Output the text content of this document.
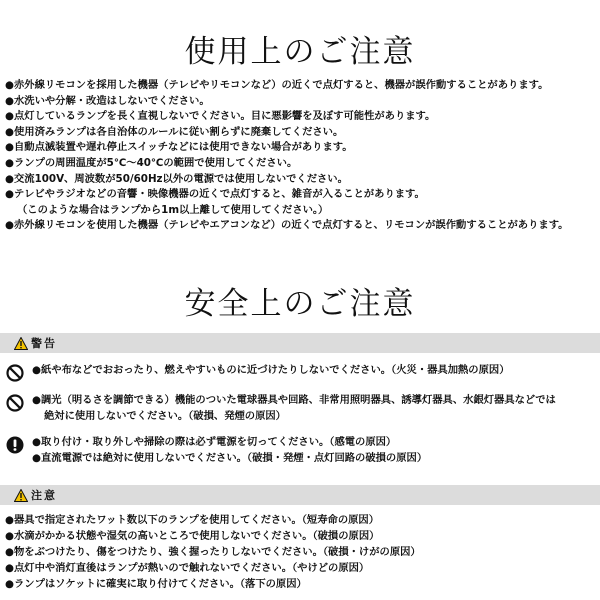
使用上のご注意
●赤外線リモコンを採用した機器（テレビやリモコンなど）の近くで点灯すると、機器が誤作動することがあります。
●水洗いや分解・改造はしないでください。
●点灯しているランプを長く直視しないでください。目に悪影響を及ぼす可能性があります。
●使用済みランプは各自治体のルールに従い割らずに廃棄してください。
●自動点滅装置や遅れ停止スイッチなどには使用できない場合があります。
●ランプの周囲温度が5℃～40℃の範囲で使用してください。
●交流100V、周波数が50/60Hz以外の電源では使用しないでください。
●テレビやラジオなどの音響・映像機器の近くで点灯すると、雑音が入ることがあります。
（このような場合はランプから1m以上離して使用してください。）
●赤外線リモコンを使用した機器（テレビやエアコンなど）の近くで点灯すると、リモコンが誤作動することがあります。
安全上のご注意
警告
●紙や布などでおおったり、燃えやすいものに近づけたりしないでください。（火災・器具加熱の原因）
●調光（明るさを調節できる）機能のついた電球器具や回路、非常用照明器具、誘導灯器具、水銀灯器具などでは
絶対に使用しないでください。（破損、発煙の原因）
●取り付け・取り外しや掃除の際は必ず電源を切ってください。（感電の原因）
●直流電源では絶対に使用しないでください。（破損・発煙・点灯回路の破損の原因）
注意
●器具で指定されたワット数以下のランプを使用してください。（短寿命の原因）
●水滴がかかる状態や湿気の高いところで使用しないでください。（破損の原因）
●物をぶつけたり、傷をつけたり、強く握ったりしないでください。（破損・けがの原因）
●点灯中や消灯直後はランプが熱いので触れないでください。（やけどの原因）
●ランプはソケットに確実に取り付けてください。（落下の原因）
